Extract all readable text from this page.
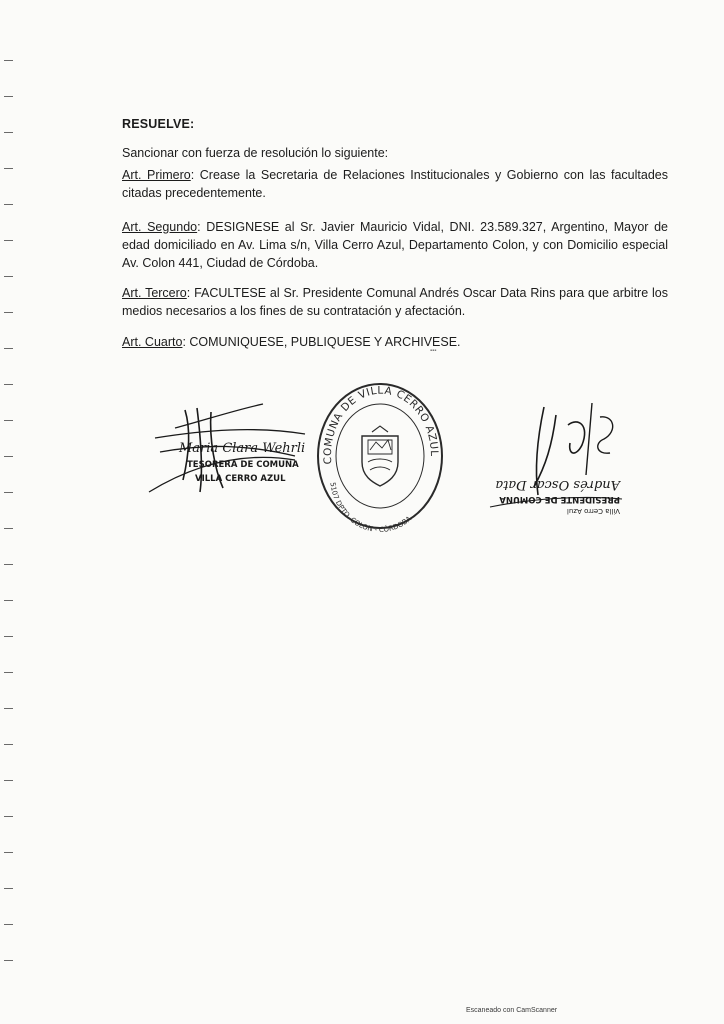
RESUELVE:
Sancionar con fuerza de resolución lo siguiente:
Art. Primero: Crease la Secretaria de Relaciones Institucionales y Gobierno con las facultades citadas precedentemente.
Art. Segundo: DESIGNESE al Sr. Javier Mauricio Vidal, DNI. 23.589.327, Argentino, Mayor de edad domiciliado en Av. Lima s/n, Villa Cerro Azul, Departamento Colon, y con Domicilio especial Av. Colon 441, Ciudad de Córdoba.
Art. Tercero: FACULTESE al Sr. Presidente Comunal Andrés Oscar Data Rins para que arbitre los medios necesarios a los fines de su contratación y afectación.
Art. Cuarto: COMUNIQUESE, PUBLIQUESE Y ARCHIVESE.
▪▪▪
Maria Clara Wehrli
TESORERA DE COMUNA
VILLA CERRO AZUL
COMUNA DE VILLA CERRO AZUL
5107 DPTO. COLON - CÓRDOBA
Villa Cerro Azul
PRESIDENTE DE COMUNA
Andrés Oscar Data
Escaneado con CamScanner
